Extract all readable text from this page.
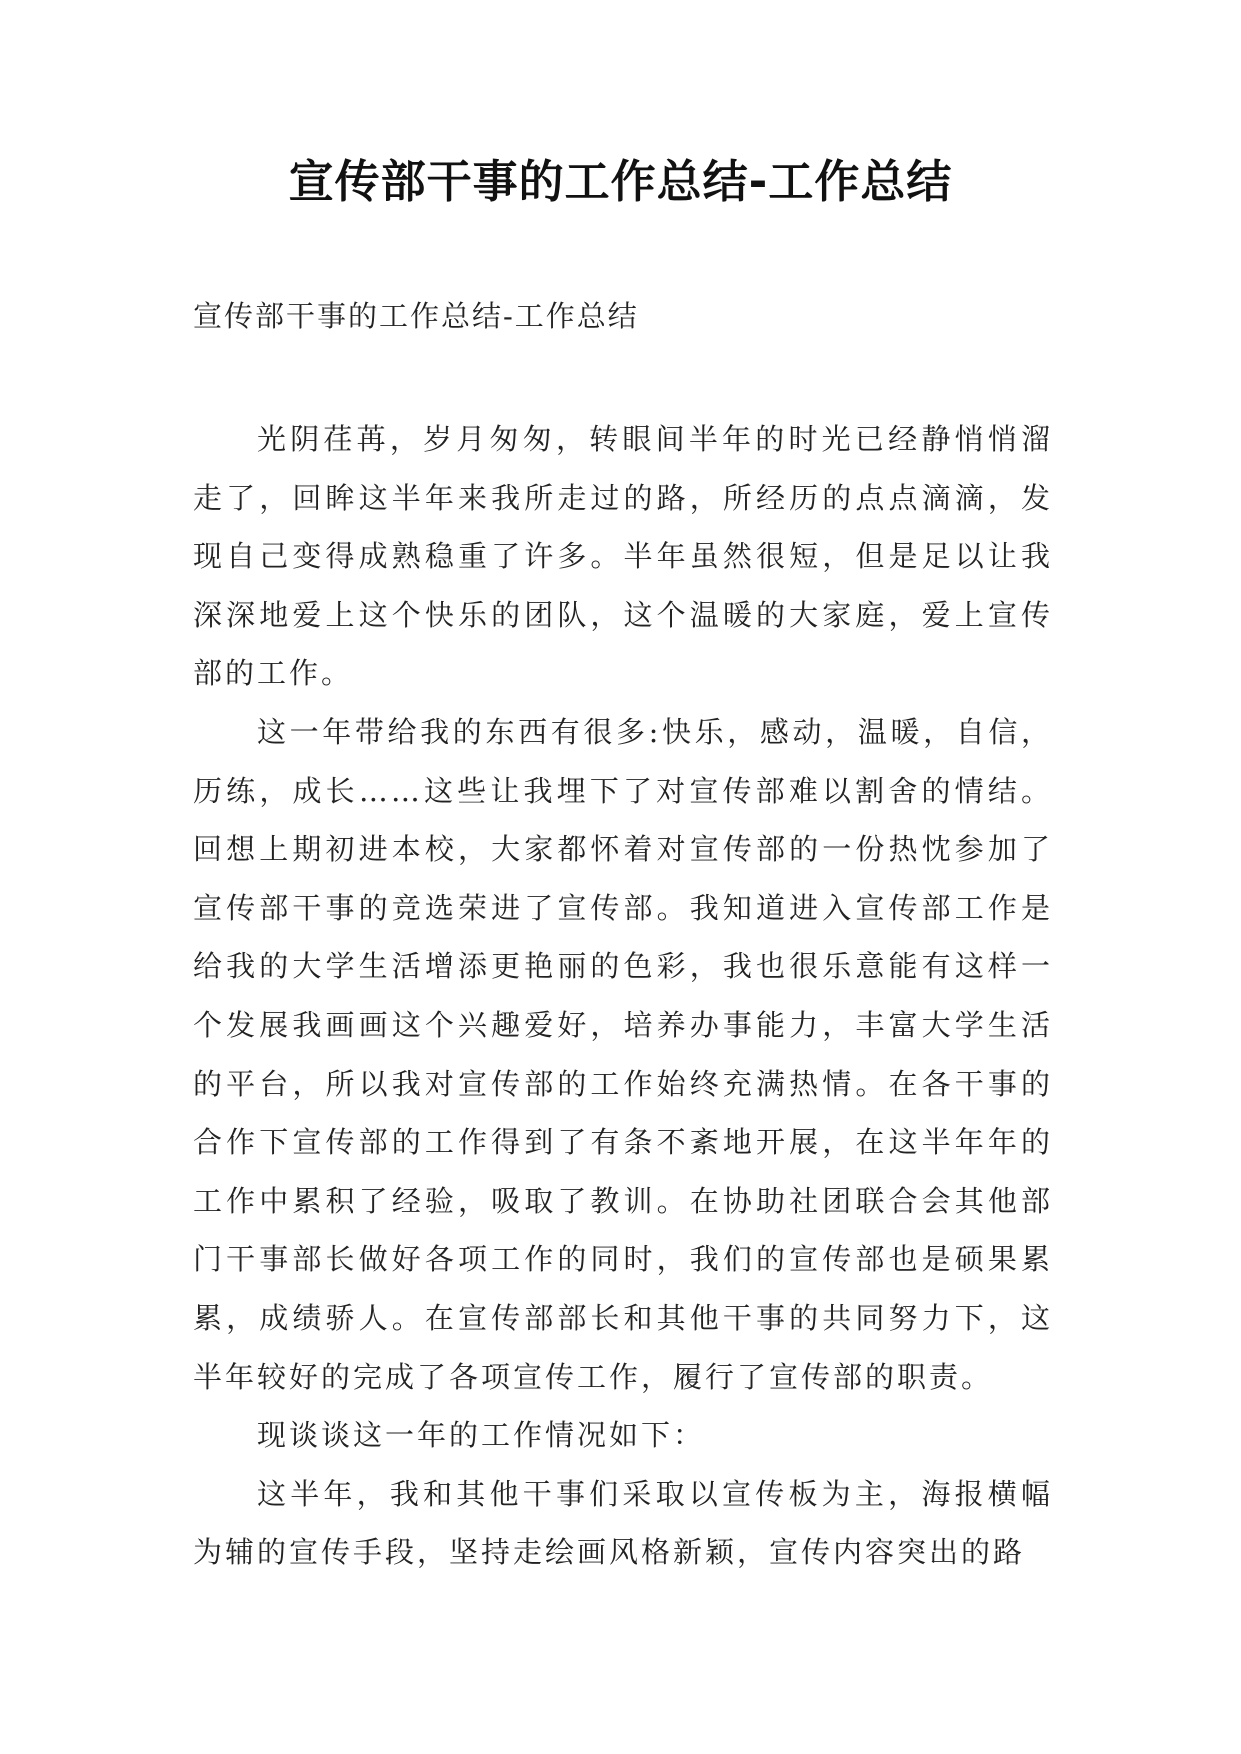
宣传部干事的工作总结-工作总结

宣传部干事的工作总结-工作总结

光阴荏苒，岁月匆匆，转眼间半年的时光已经静悄悄溜走了，回眸这半年来我所走过的路，所经历的点点滴滴，发现自己变得成熟稳重了许多。半年虽然很短，但是足以让我深深地爱上这个快乐的团队，这个温暖的大家庭，爱上宣传部的工作。

这一年带给我的东西有很多:快乐，感动，温暖，自信，历练，成长……这些让我埋下了对宣传部难以割舍的情结。回想上期初进本校，大家都怀着对宣传部的一份热忱参加了宣传部干事的竞选荣进了宣传部。我知道进入宣传部工作是给我的大学生活增添更艳丽的色彩，我也很乐意能有这样一个发展我画画这个兴趣爱好，培养办事能力，丰富大学生活的平台，所以我对宣传部的工作始终充满热情。在各干事的合作下宣传部的工作得到了有条不紊地开展，在这半年年的工作中累积了经验，吸取了教训。在协助社团联合会其他部门干事部长做好各项工作的同时，我们的宣传部也是硕果累累，成绩骄人。在宣传部部长和其他干事的共同努力下，这半年较好的完成了各项宣传工作，履行了宣传部的职责。

现谈谈这一年的工作情况如下：

这半年，我和其他干事们采取以宣传板为主，海报横幅为辅的宣传手段，坚持走绘画风格新颖，宣传内容突出的路
